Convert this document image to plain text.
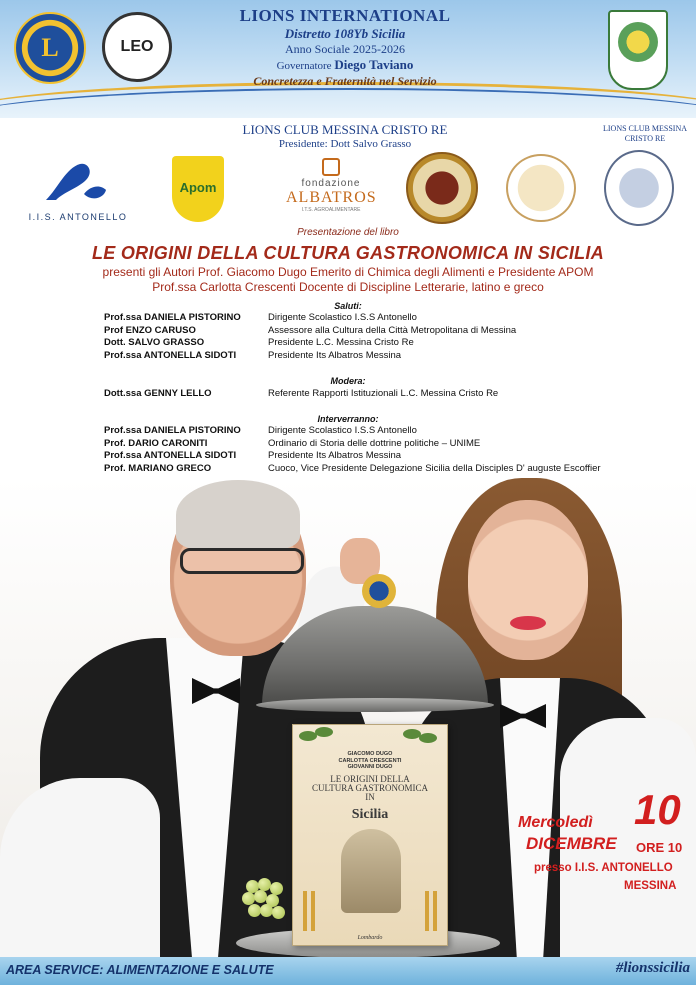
L	LEO
LIONS INTERNATIONAL
Distretto 108Yb Sicilia
Anno Sociale 2025-2026
Governatore Diego Taviano
Concretezza e Fraternità nel Servizio
LIONS CLUB MESSINA CRISTO RE
Presidente: Dott Salvo Grasso
LIONS CLUB MESSINA CRISTO RE
I.I.S. ANTONELLO
Apom	fondazione
ALBATROS
I.T.S. AGROALIMENTARE
Presentazione del libro
LE ORIGINI DELLA CULTURA GASTRONOMICA IN SICILIA
presenti gli Autori Prof. Giacomo Dugo Emerito di Chimica degli Alimenti e Presidente APOM
Prof.ssa Carlotta Crescenti Docente di Discipline Letterarie, latino e greco
Saluti:
Prof.ssa DANIELA PISTORINO	Dirigente Scolastico I.S.S Antonello
Prof ENZO CARUSO	Assessore alla Cultura della Città Metropolitana di Messina
Dott. SALVO GRASSO	Presidente L.C. Messina Cristo Re
Prof.ssa ANTONELLA SIDOTI	Presidente Its Albatros Messina
Modera:
Dott.ssa GENNY LELLO	Referente Rapporti Istituzionali L.C. Messina Cristo Re
Interverranno:
Prof.ssa DANIELA PISTORINO	Dirigente Scolastico I.S.S Antonello
Prof. DARIO CARONITI	Ordinario di Storia delle dottrine politiche – UNIME
Prof.ssa ANTONELLA SIDOTI	Presidente Its Albatros Messina
Prof. MARIANO GRECO	Cuoco, Vice Presidente Delegazione Sicilia della Disciples D' auguste Escoffier
GIACOMO DUGO
CARLOTTA CRESCENTI
GIOVANNI DUGO
LE ORIGINI DELLA
CULTURA GASTRONOMICA
IN
Sicilia
Lombardo
Mercoledì 10
DICEMBRE ORE 10
presso I.I.S. ANTONELLO
MESSINA
AREA SERVICE: ALIMENTAZIONE E SALUTE	#lionssicilia
